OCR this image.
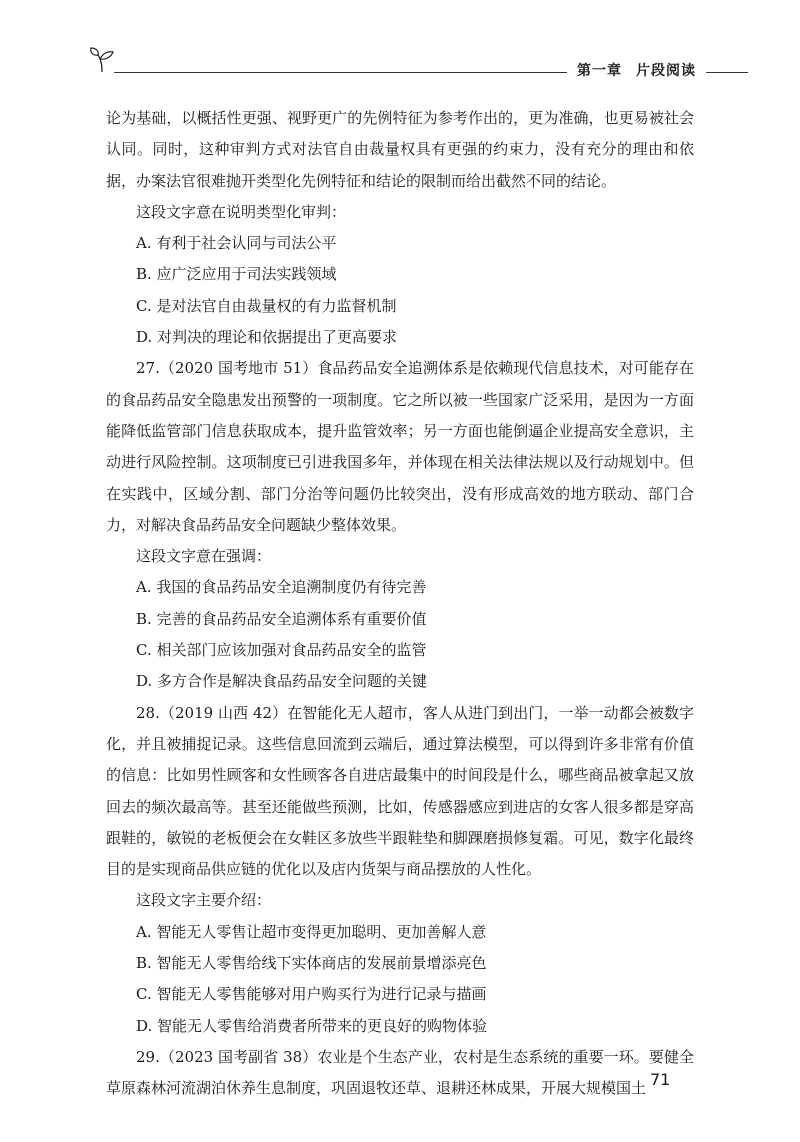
第一章 片段阅读

论为基础，以概括性更强、视野更广的先例特征为参考作出的，更为准确，也更易被社会认同。同时，这种审判方式对法官自由裁量权具有更强的约束力，没有充分的理由和依据，办案法官很难抛开类型化先例特征和结论的限制而给出截然不同的结论。

这段文字意在说明类型化审判：

A. 有利于社会认同与司法公平

B. 应广泛应用于司法实践领域

C. 是对法官自由裁量权的有力监督机制

D. 对判决的理论和依据提出了更高要求

27.（2020 国考地市 51）食品药品安全追溯体系是依赖现代信息技术，对可能存在的食品药品安全隐患发出预警的一项制度。它之所以被一些国家广泛采用，是因为一方面能降低监管部门信息获取成本，提升监管效率；另一方面也能倒逼企业提高安全意识，主动进行风险控制。这项制度已引进我国多年，并体现在相关法律法规以及行动规划中。但在实践中，区域分割、部门分治等问题仍比较突出，没有形成高效的地方联动、部门合力，对解决食品药品安全问题缺少整体效果。

这段文字意在强调：

A. 我国的食品药品安全追溯制度仍有待完善

B. 完善的食品药品安全追溯体系有重要价值

C. 相关部门应该加强对食品药品安全的监管

D. 多方合作是解决食品药品安全问题的关键

28.（2019 山西 42）在智能化无人超市，客人从进门到出门，一举一动都会被数字化，并且被捕捉记录。这些信息回流到云端后，通过算法模型，可以得到许多非常有价值的信息：比如男性顾客和女性顾客各自进店最集中的时间段是什么，哪些商品被拿起又放回去的频次最高等。甚至还能做些预测，比如，传感器感应到进店的女客人很多都是穿高跟鞋的，敏锐的老板便会在女鞋区多放些半跟鞋垫和脚踝磨损修复霜。可见，数字化最终目的是实现商品供应链的优化以及店内货架与商品摆放的人性化。

这段文字主要介绍：

A. 智能无人零售让超市变得更加聪明、更加善解人意

B. 智能无人零售给线下实体商店的发展前景增添亮色

C. 智能无人零售能够对用户购买行为进行记录与描画

D. 智能无人零售给消费者所带来的更良好的购物体验

29.（2023 国考副省 38）农业是个生态产业，农村是生态系统的重要一环。要健全草原森林河流湖泊休养生息制度，巩固退牧还草、退耕还林成果，开展大规模国土 71
